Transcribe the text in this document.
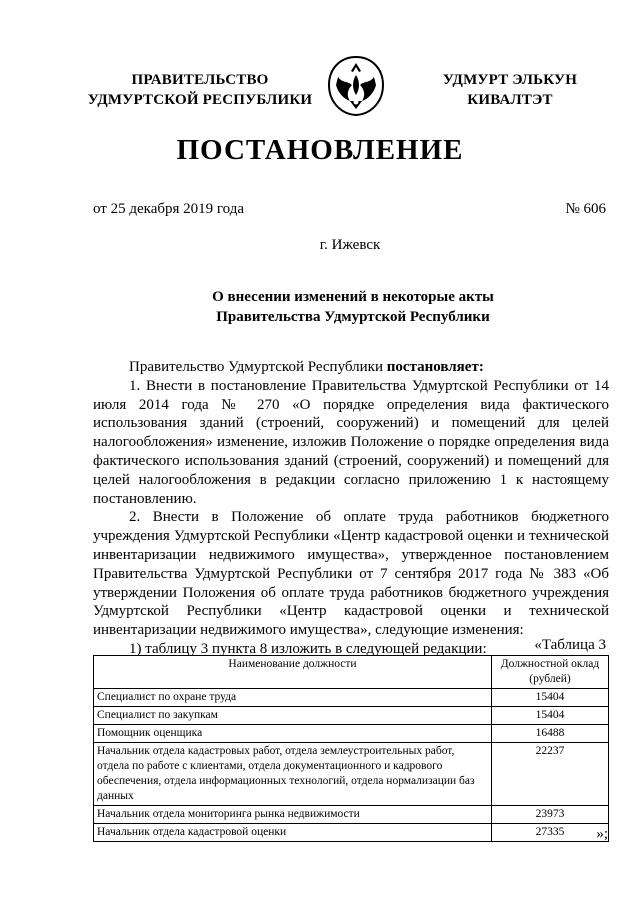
ПРАВИТЕЛЬСТВО
УДМУРТСКОЙ РЕСПУБЛИКИ
УДМУРТ ЭЛЬКУН
КИВАЛТЭТ
ПОСТАНОВЛЕНИЕ
от 25 декабря 2019 года	№ 606
г. Ижевск
О внесении изменений в некоторые акты
Правительства Удмуртской Республики

Правительство Удмуртской Республики постановляет:

1. Внести в постановление Правительства Удмуртской Республики от 14 июля 2014 года № 270 «О порядке определения вида фактического использования зданий (строений, сооружений) и помещений для целей налогообложения» изменение, изложив Положение о порядке определения вида фактического использования зданий (строений, сооружений) и помещений для целей налогообложения в редакции согласно приложению 1 к настоящему постановлению.

2. Внести в Положение об оплате труда работников бюджетного учреждения Удмуртской Республики «Центр кадастровой оценки и технической инвентаризации недвижимого имущества», утвержденное постановлением Правительства Удмуртской Республики от 7 сентября 2017 года № 383 «Об утверждении Положения об оплате труда работников бюджетного учреждения Удмуртской Республики «Центр кадастровой оценки и технической инвентаризации недвижимого имущества», следующие изменения:

1) таблицу 3 пункта 8 изложить в следующей редакции:	«Таблица 3
Наименование должности	Должностной оклад (рублей)
Специалист по охране труда	15404
Специалист по закупкам	15404
Помощник оценщика	16488
Начальник отдела кадастровых работ, отдела землеустроительных работ, отдела по работе с клиентами, отдела документационного и кадрового обеспечения, отдела информационных технологий, отдела нормализации баз данных	22237
Начальник отдела мониторинга рынка недвижимости	23973
Начальник отдела кадастровой оценки	27335 »;
